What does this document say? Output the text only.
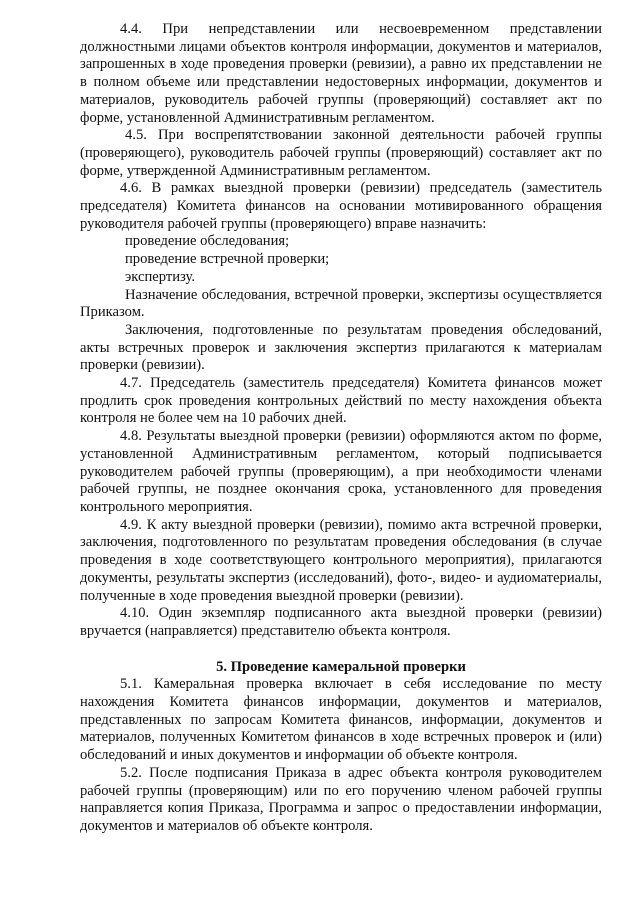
4.4. При непредставлении или несвоевременном представлении должностными лицами объектов контроля информации, документов и материалов, запрошенных в ходе проведения проверки (ревизии), а равно их представлении не в полном объеме или представлении недостоверных информации, документов и материалов, руководитель рабочей группы (проверяющий) составляет акт по форме, установленной Административным регламентом.

4.5. При воспрепятствовании законной деятельности рабочей группы (проверяющего), руководитель рабочей группы (проверяющий) составляет акт по форме, утвержденной Административным регламентом.

4.6. В рамках выездной проверки (ревизии) председатель (заместитель председателя) Комитета финансов на основании мотивированного обращения руководителя рабочей группы (проверяющего) вправе назначить:

проведение обследования;

проведение встречной проверки;

экспертизу.

Назначение обследования, встречной проверки, экспертизы осуществляется Приказом.

Заключения, подготовленные по результатам проведения обследований, акты встречных проверок и заключения экспертиз прилагаются к материалам проверки (ревизии).

4.7. Председатель (заместитель председателя) Комитета финансов может продлить срок проведения контрольных действий по месту нахождения объекта контроля не более чем на 10 рабочих дней.

4.8. Результаты выездной проверки (ревизии) оформляются актом по форме, установленной Административным регламентом, который подписывается руководителем рабочей группы (проверяющим), а при необходимости членами рабочей группы, не позднее окончания срока, установленного для проведения контрольного мероприятия.

4.9. К акту выездной проверки (ревизии), помимо акта встречной проверки, заключения, подготовленного по результатам проведения обследования (в случае проведения в ходе соответствующего контрольного мероприятия), прилагаются документы, результаты экспертиз (исследований), фото-, видео- и аудиоматериалы, полученные в ходе проведения выездной проверки (ревизии).

4.10. Один экземпляр подписанного акта выездной проверки (ревизии) вручается (направляется) представителю объекта контроля.

5. Проведение камеральной проверки

5.1. Камеральная проверка включает в себя исследование по месту нахождения Комитета финансов информации, документов и материалов, представленных по запросам Комитета финансов, информации, документов и материалов, полученных Комитетом финансов в ходе встречных проверок и (или) обследований и иных документов и информации об объекте контроля.

5.2. После подписания Приказа в адрес объекта контроля руководителем рабочей группы (проверяющим) или по его поручению членом рабочей группы направляется копия Приказа, Программа и запрос о предоставлении информации, документов и материалов об объекте контроля.
